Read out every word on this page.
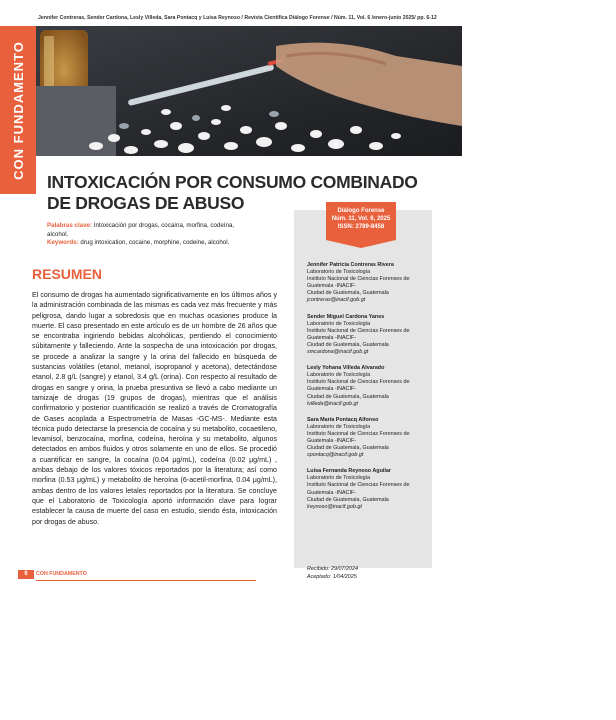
Jennifer Contreras, Sender Cardona, Lesly Villeda, Sara Pontacq y Luisa Reynoso / Revista Científica Diálogo Forense / Núm. 11, Vol. 6 /enero-junio 2025/ pp. 6-12
CON FUNDAMENTO
INTOXICACIÓN POR CONSUMO COMBINADO DE DROGAS DE ABUSO
Palabras clave: Intoxicación por drogas, cocaína, morfina, codeína, alcohol.
Keywords: drug intoxication, cocaine, morphine, codeine, alcohol.
RESUMEN
El consumo de drogas ha aumentado significativamente en los últimos años y la administración combinada de las mismas es cada vez más frecuente y más peligrosa, dando lugar a sobredosis que en muchas ocasiones produce la muerte. El caso presentado en este artículo es de un hombre de 26 años que se encontraba ingiriendo bebidas alcohólicas, perdiendo el conocimiento súbitamente y falleciendo. Ante la sospecha de una intoxicación por drogas, se procede a analizar la sangre y la orina del fallecido en búsqueda de sustancias volátiles (etanol, metanol, isopropanol y acetona), detectándose etanol, 2.8 g/L (sangre) y etanol, 3.4 g/L (orina). Con respecto al resultado de drogas en sangre y orina, la prueba presuntiva se llevó a cabo mediante un tamizaje de drogas (19 grupos de drogas), mientras que el análisis confirmatorio y posterior cuantificación se realizó a través de Cromatografía de Gases acoplada a Espectrometría de Masas -GC-MS-. Mediante esta técnica pudo detectarse la presencia de cocaína y su metabolito, cocaetileno, levamisol, benzocaína, morfina, codeína, heroína y su metabolito, algunos detectados en ambos fluidos y otros solamente en uno de ellos. Se procedió a cuantificar en sangre, la cocaína (0.04 μg/mL), codeína (0.02 μg/mL) , ambas debajo de los valores tóxicos reportados por la literatura; así como morfina (0.53 μg/mL) y metabolito de heroína (6-acetil-morfina, 0.04 μg/mL), ambas dentro de los valores letales reportados por la literatura. Se concluye que el Laboratorio de Toxicología aportó información clave para lograr establecer la causa de muerte del caso en estudio, siendo ésta, intoxicación por drogas de abuso.
Diálogo Forense
Núm. 11, Vol. 6, 2025
ISSN: 2789-8458
Jennifer Patricia Contreras Rivera
Laboratorio de Toxicología
Instituto Nacional de Ciencias Forenses de Guatemala -INACIF-
Ciudad de Guatemala, Guatemala
jcontreras@inacif.gob.gt
Sender Miguel Cardona Yanes
Laboratorio de Toxicología
Instituto Nacional de Ciencias Forenses de Guatemala -INACIF-
Ciudad de Guatemala, Guatemala
smcardona@inacif.gob.gt
Lesly Yohana Villeda Alvarado
Laboratorio de Toxicología
Instituto Nacional de Ciencias Forenses de Guatemala -INACIF-
Ciudad de Guatemala, Guatemala
lvilleda@inacif.gob.gt
Sara María Pontacq Alfonso
Laboratorio de Toxicología
Instituto Nacional de Ciencias Forenses de Guatemala -INACIF-
Ciudad de Guatemala, Guatemala
spontacq@inacif.gob.gt
Luisa Fernanda Reynoso Aguilar
Laboratorio de Toxicología
Instituto Nacional de Ciencias Forenses de Guatemala -INACIF-
Ciudad de Guatemala, Guatemala
lreynoso@inacif.gob.gt
Recibido: 29/07/2024
Aceptado: 1/04/2025
6	CON FUNDAMENTO
